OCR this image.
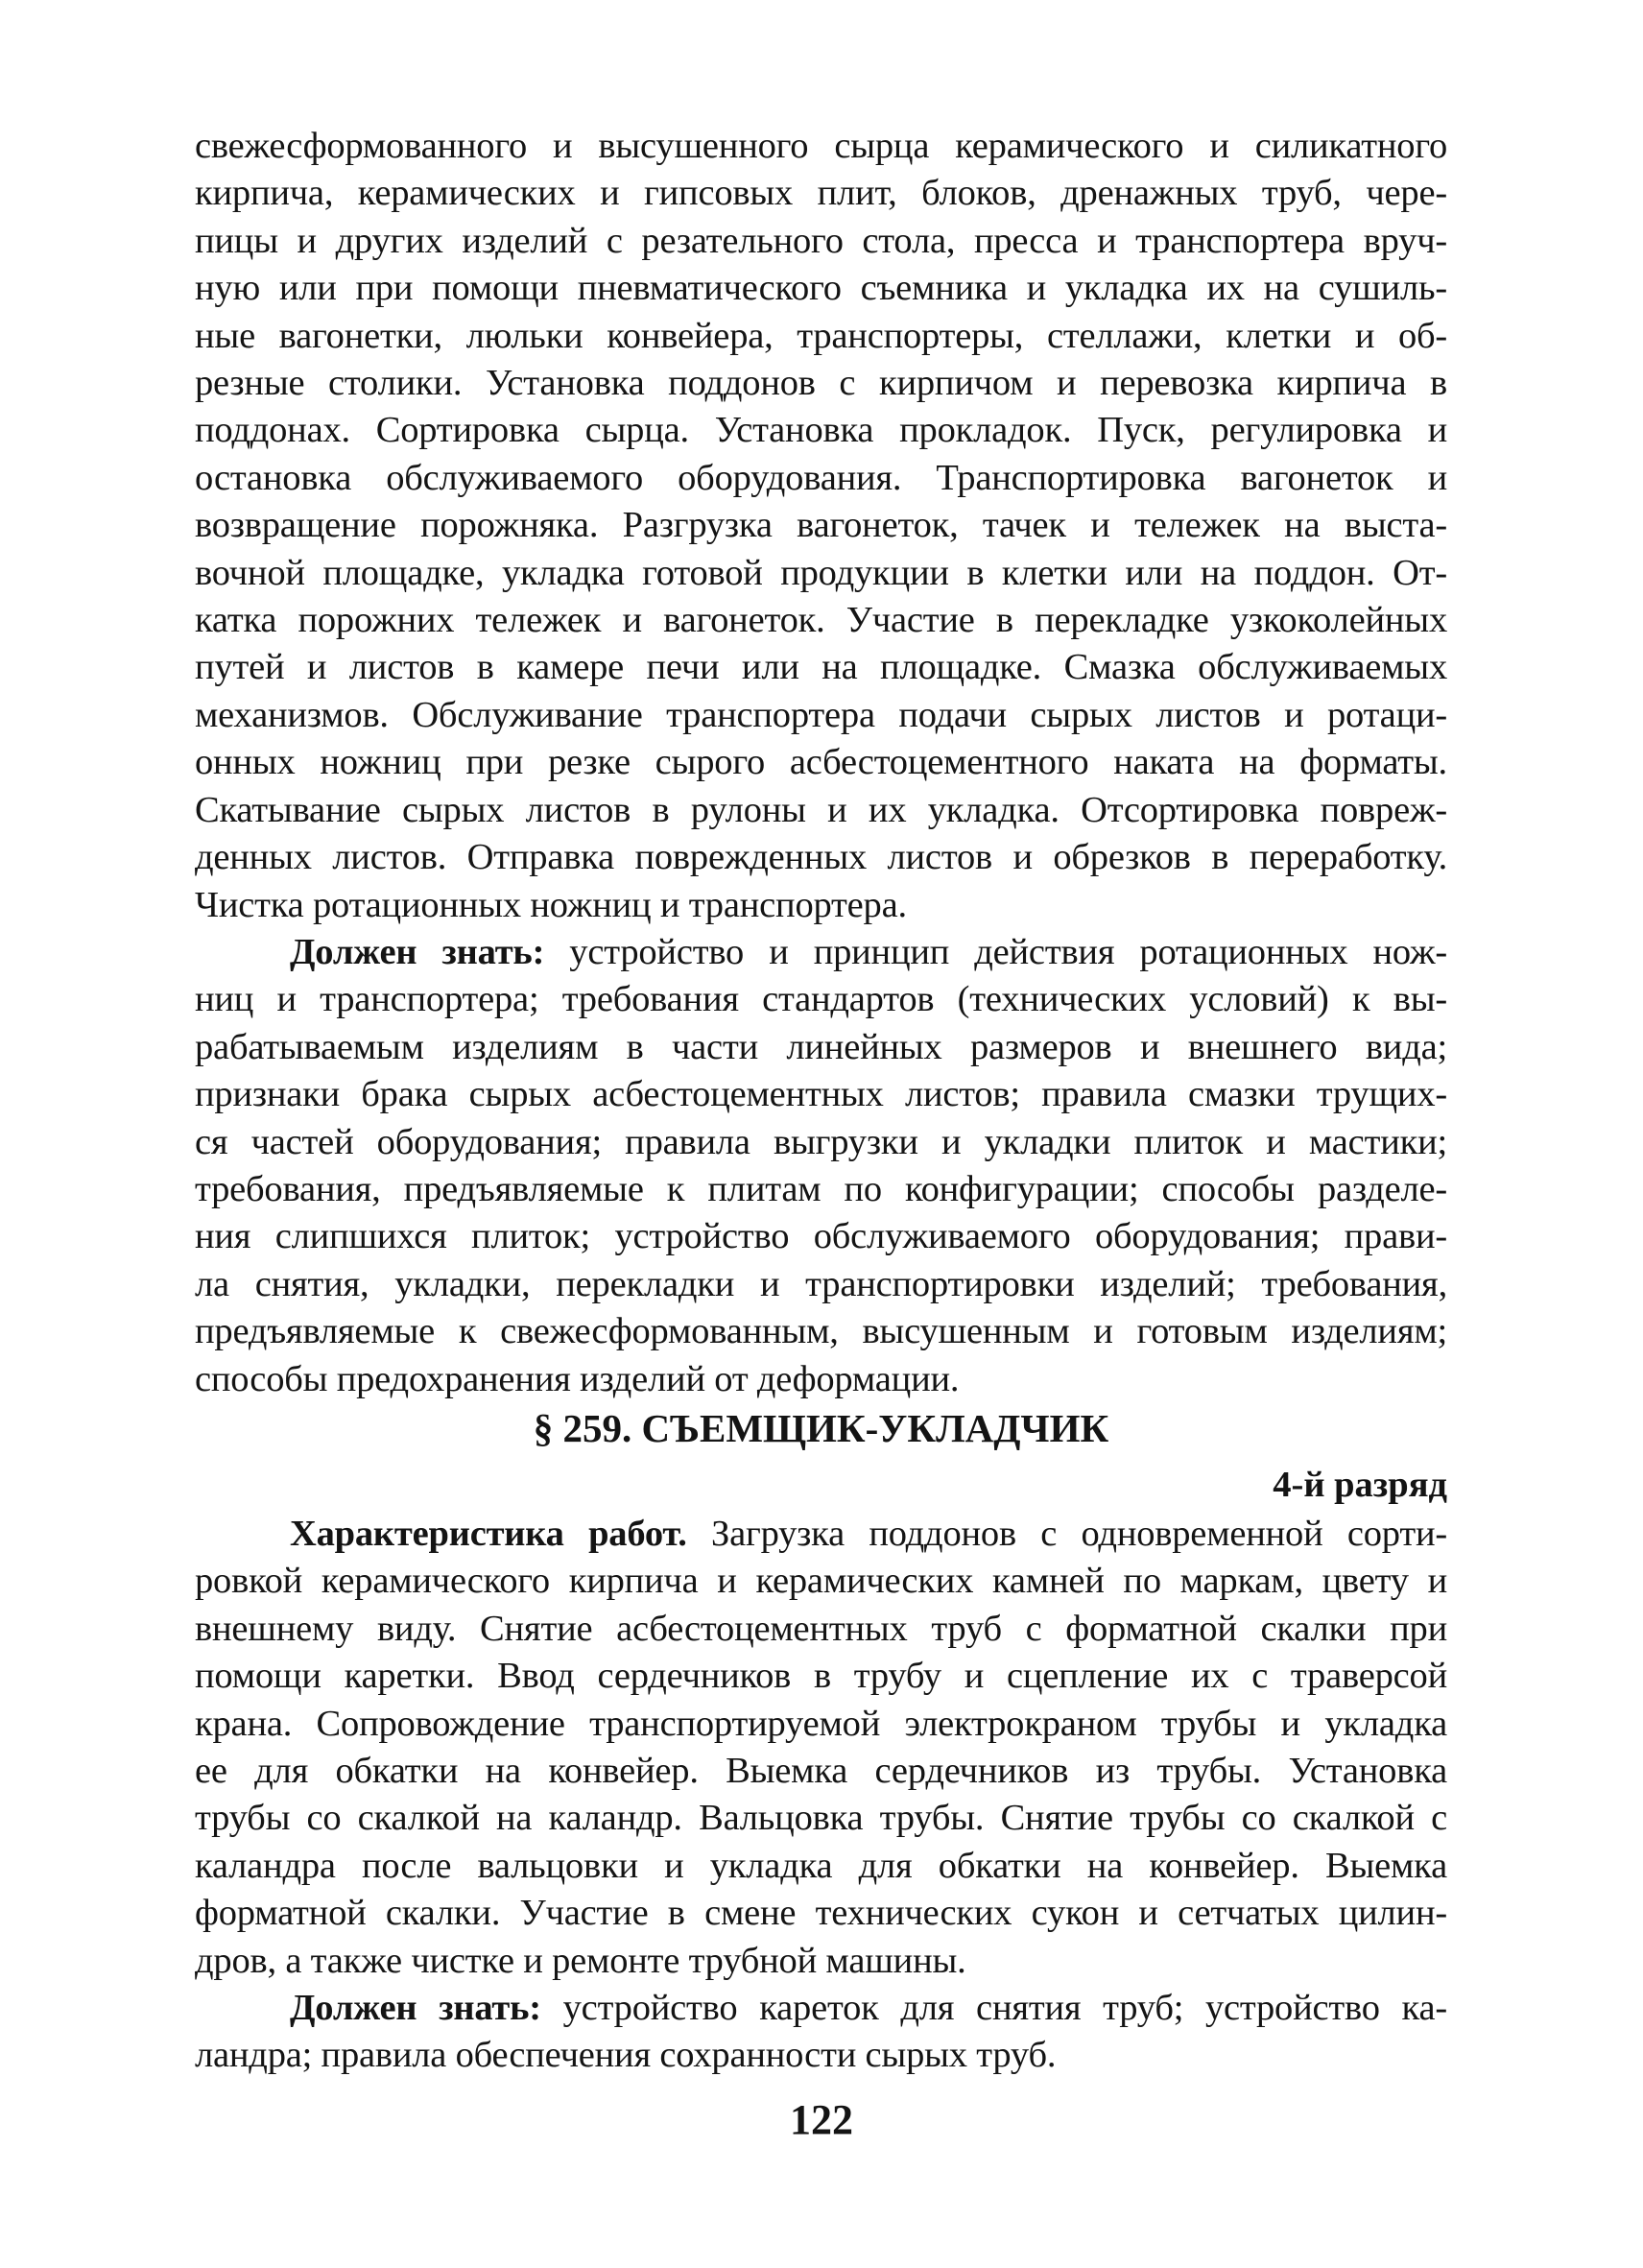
свежесформованного и высушенного сырца керамического и силикатного
кирпича, керамических и гипсовых плит, блоков, дренажных труб, чере-
пицы и других изделий с резательного стола, пресса и транспортера вруч-
ную или при помощи пневматического съемника и укладка их на сушиль-
ные вагонетки, люльки конвейера, транспортеры, стеллажи, клетки и об-
резные столики. Установка поддонов с кирпичом и перевозка кирпича в
поддонах. Сортировка сырца. Установка прокладок. Пуск, регулировка и
остановка обслуживаемого оборудования. Транспортировка вагонеток и
возвращение порожняка. Разгрузка вагонеток, тачек и тележек на выста-
вочной площадке, укладка готовой продукции в клетки или на поддон. От-
катка порожних тележек и вагонеток. Участие в перекладке узкоколейных
путей и листов в камере печи или на площадке. Смазка обслуживаемых
механизмов. Обслуживание транспортера подачи сырых листов и ротаци-
онных ножниц при резке сырого асбестоцементного наката на форматы.
Скатывание сырых листов в рулоны и их укладка. Отсортировка повреж-
денных листов. Отправка поврежденных листов и обрезков в переработку.
Чистка ротационных ножниц и транспортера.

Должен знать: устройство и принцип действия ротационных нож-
ниц и транспортера; требования стандартов (технических условий) к вы-
рабатываемым изделиям в части линейных размеров и внешнего вида;
признаки брака сырых асбестоцементных листов; правила смазки трущих-
ся частей оборудования; правила выгрузки и укладки плиток и мастики;
требования, предъявляемые к плитам по конфигурации; способы разделе-
ния слипшихся плиток; устройство обслуживаемого оборудования; прави-
ла снятия, укладки, перекладки и транспортировки изделий; требования,
предъявляемые к свежесформованным, высушенным и готовым изделиям;
способы предохранения изделий от деформации.

§ 259. СЪЕМЩИК-УКЛАДЧИК
4-й разряд

Характеристика работ. Загрузка поддонов с одновременной сорти-
ровкой керамического кирпича и керамических камней по маркам, цвету и
внешнему виду. Снятие асбестоцементных труб с форматной скалки при
помощи каретки. Ввод сердечников в трубу и сцепление их с траверсой
крана. Сопровождение транспортируемой электрокраном трубы и укладка
ее для обкатки на конвейер. Выемка сердечников из трубы. Установка
трубы со скалкой на каландр. Вальцовка трубы. Снятие трубы со скалкой с
каландра после вальцовки и укладка для обкатки на конвейер. Выемка
форматной скалки. Участие в смене технических сукон и сетчатых цилин-
дров, а также чистке и ремонте трубной машины.

Должен знать: устройство кареток для снятия труб; устройство ка-
ландра; правила обеспечения сохранности сырых труб.

122
